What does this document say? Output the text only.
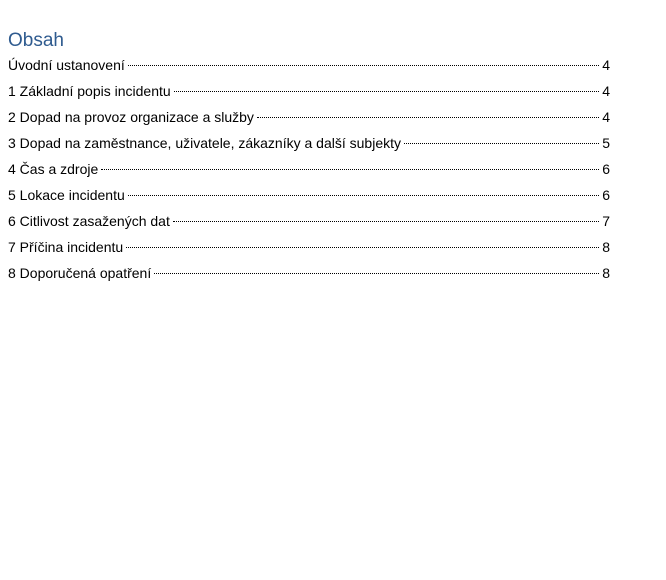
Obsah
Úvodní ustanovení	4
1 Základní popis incidentu	4
2 Dopad na provoz organizace a služby	4
3 Dopad na zaměstnance, uživatele, zákazníky a další subjekty	5
4 Čas a zdroje	6
5 Lokace incidentu	6
6 Citlivost zasažených dat	7
7 Příčina incidentu	8
8 Doporučená opatření	8
